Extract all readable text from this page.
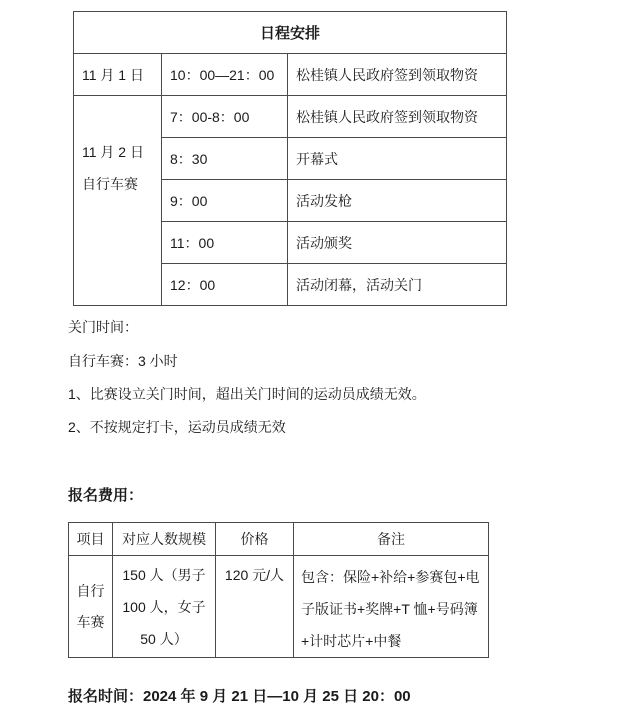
日程安排		
11 月 1 日	10：00—21：00	松桂镇人民政府签到领取物资

11 月 2 日
自行车赛	7：00-8：00	松桂镇人民政府签到领取物资
	8：30	开幕式
	9：00	活动发枪
	11：00	活动颁奖
	12：00	活动闭幕，活动关门
关门时间：
自行车赛：3 小时
1、比赛设立关门时间，超出关门时间的运动员成绩无效。
2、不按规定打卡，运动员成绩无效
报名费用：
项目	对应人数规模	价格	备注

自行
车赛	150 人（男子 100 人，女子 50 人）	120 元/人	包含：保险+补给+参赛包+电子版证书+奖牌+T 恤+号码簿+计时芯片+中餐
报名时间：2024 年 9 月 21 日—10 月 25 日 20：00
